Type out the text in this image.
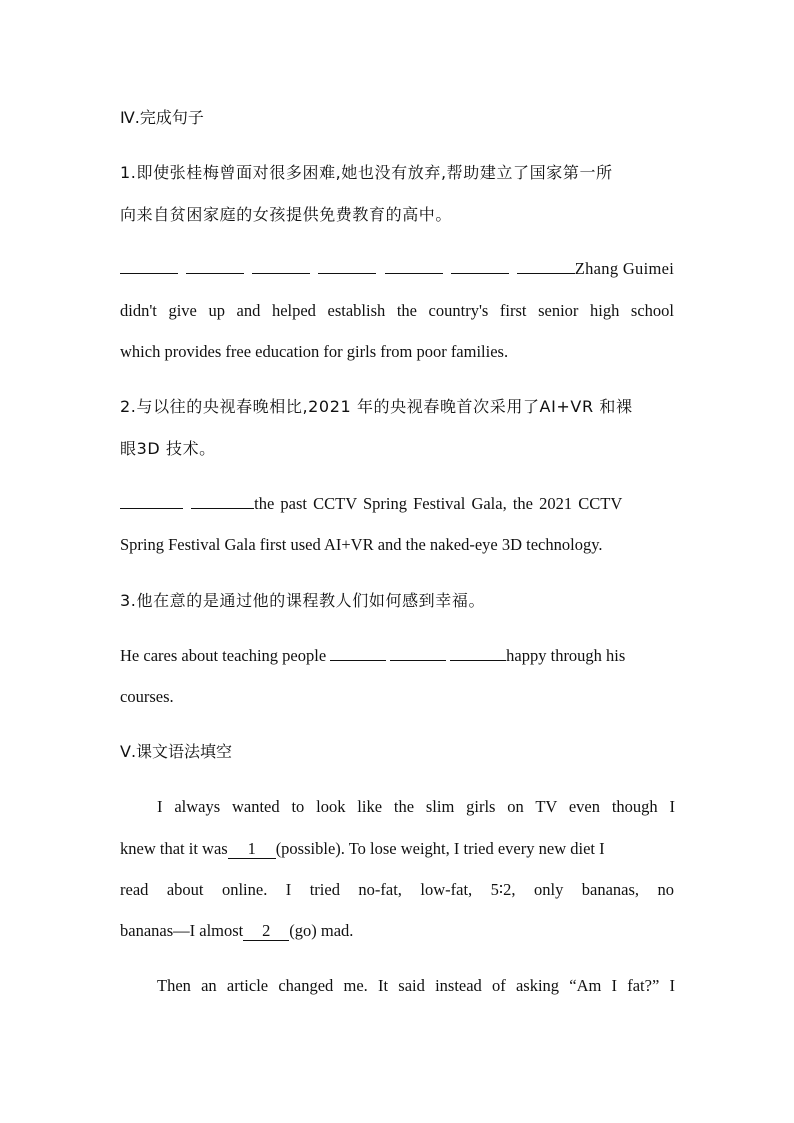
Ⅳ.完成句子
1.即使张桂梅曾面对很多困难,她也没有放弃,帮助建立了国家第一所
向来自贫困家庭的女孩提供免费教育的高中。
Zhang Guimei
didn't give up and helped establish the country's first senior high school
which provides free education for girls from poor families.
2.与以往的央视春晚相比,2021 年的央视春晚首次采用了AI+VR 和裸
眼3D 技术。
the past CCTV Spring Festival Gala, the 2021 CCTV
Spring Festival Gala first used AI+VR and the naked-eye 3D technology.
3.他在意的是通过他的课程教人们如何感到幸福。
He cares about teaching people	happy through his
courses.
Ⅴ.课文语法填空
I always wanted to look like the slim girls on TV even though I
knew that it was 1 (possible). To lose weight, I tried every new diet I
read about online. I tried no-fat, low-fat, 5∶2, only bananas, no
bananas—I almost 2 (go) mad.
Then an article changed me. It said instead of asking “Am I fat?” I
